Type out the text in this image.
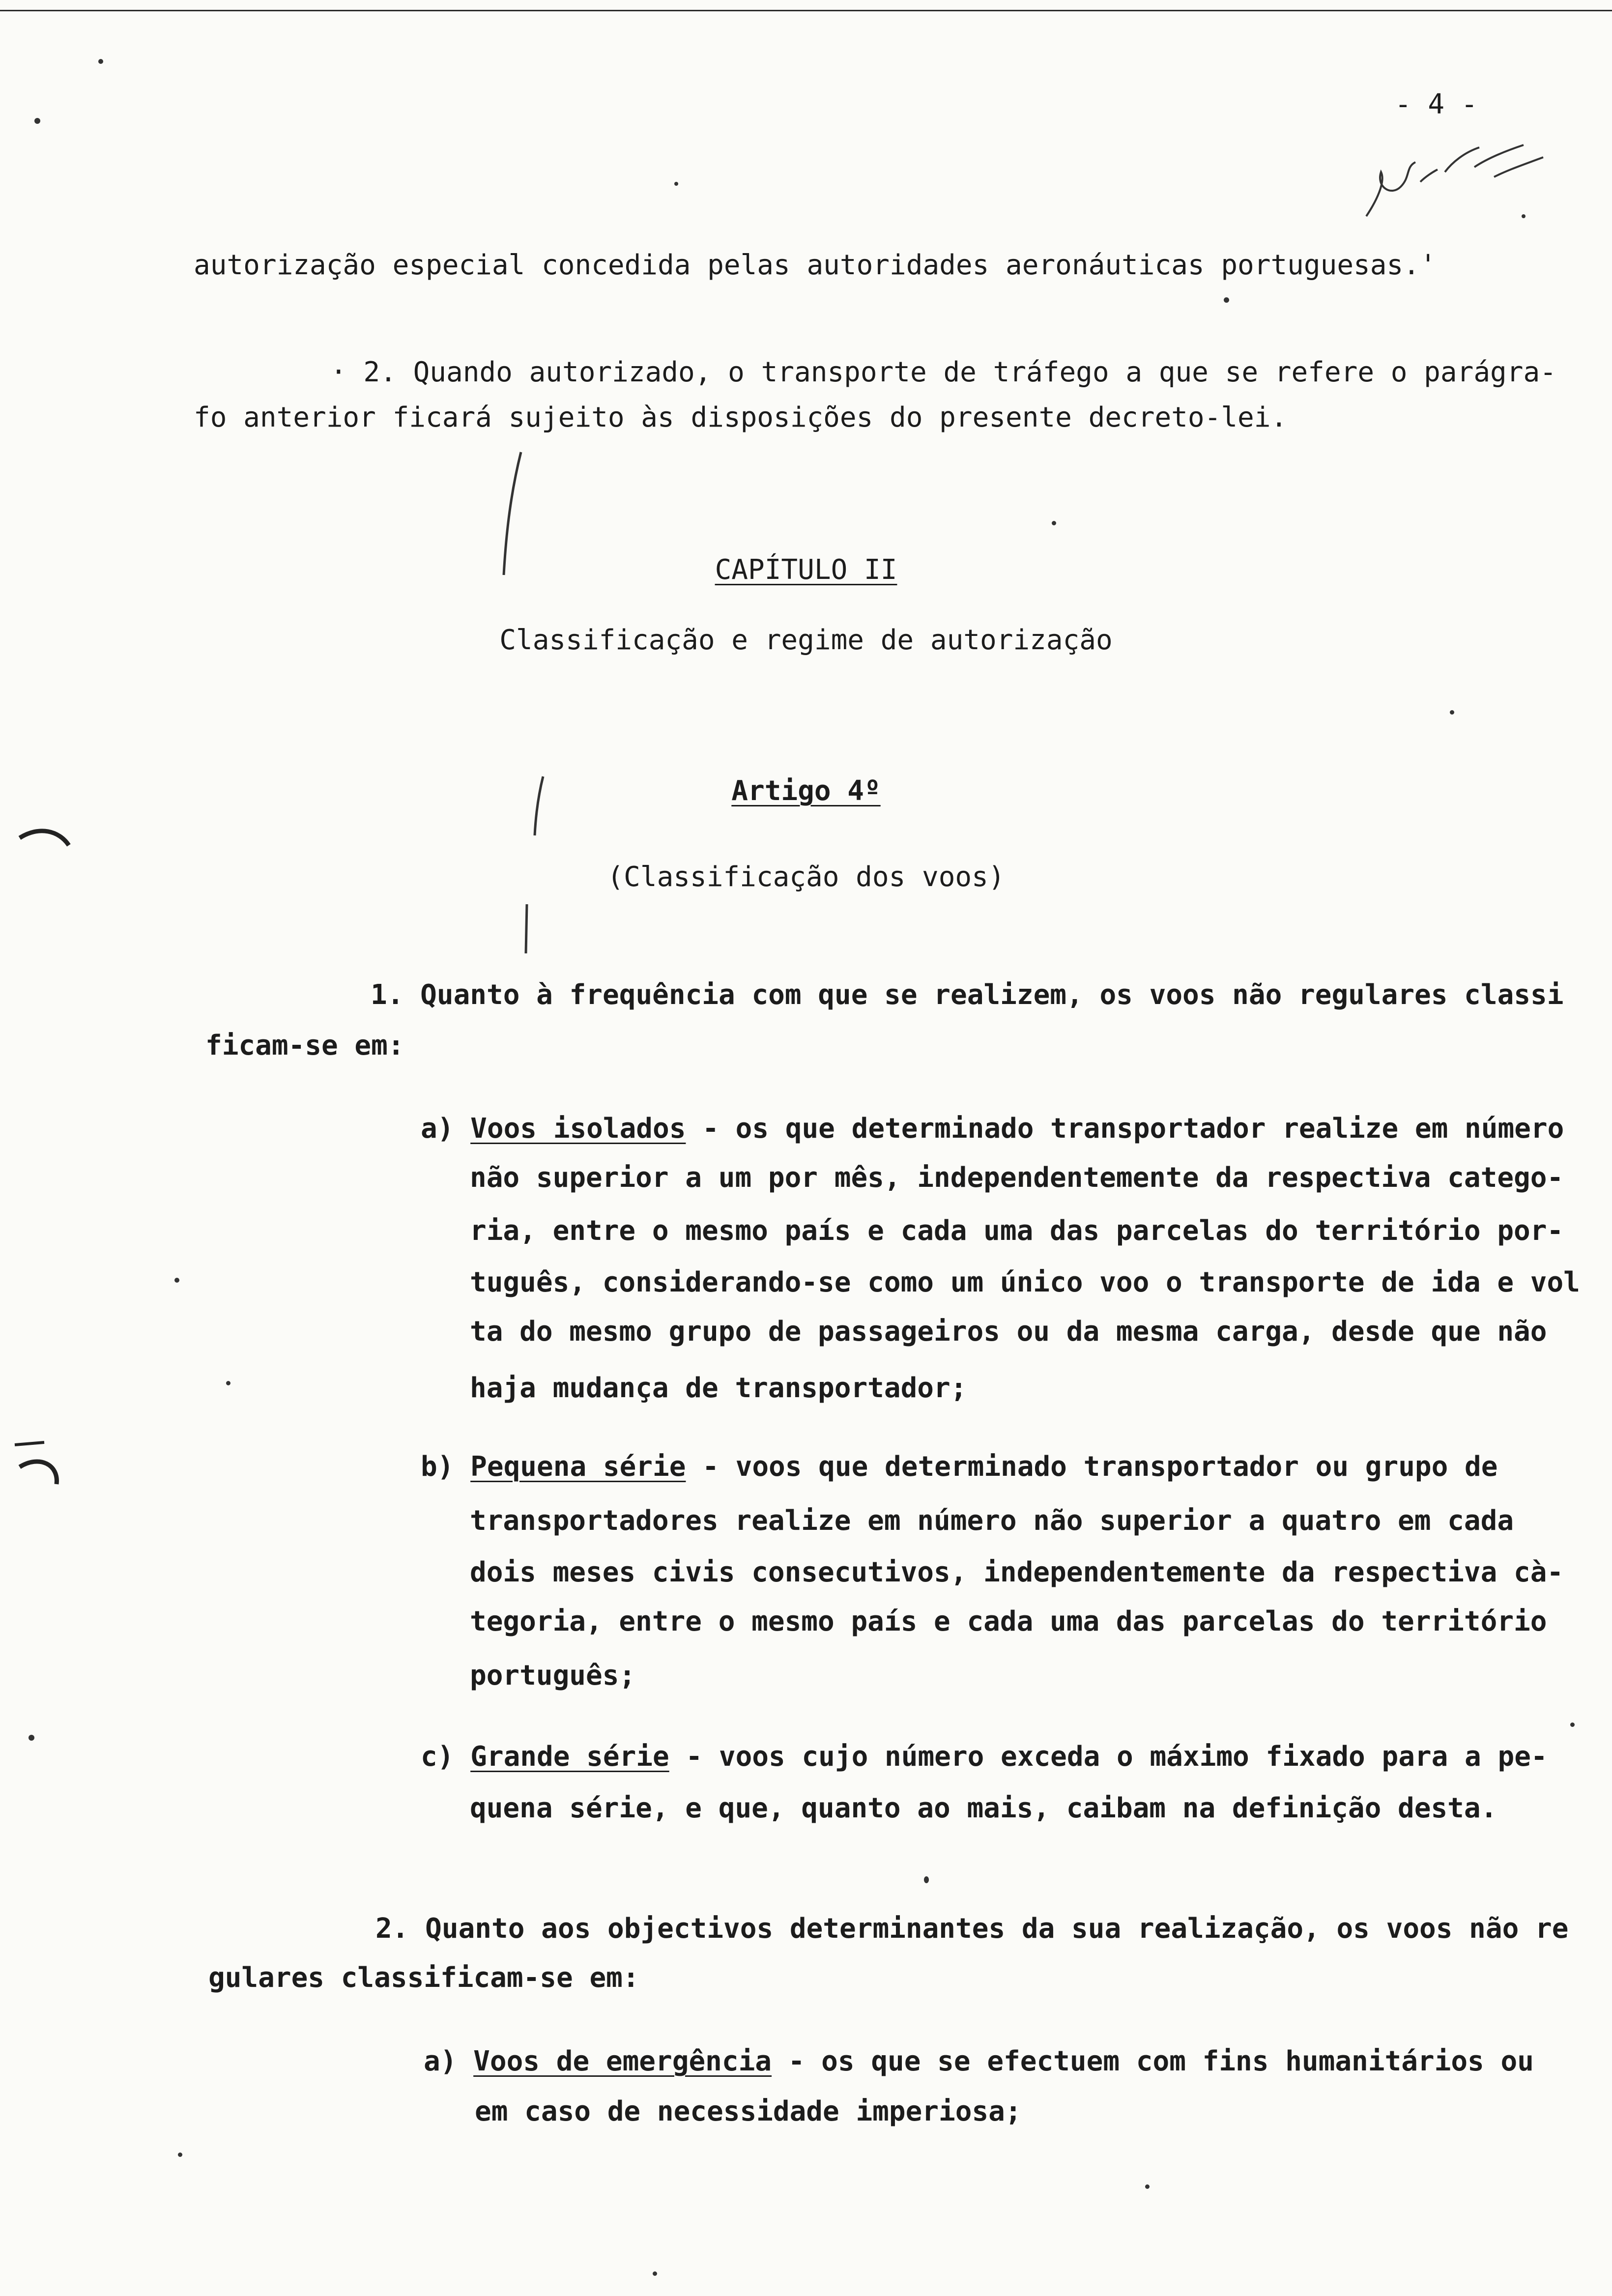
- 4 -
autorização especial concedida pelas autoridades aeronáuticas portuguesas.'
· 2. Quando autorizado, o transporte de tráfego a que se refere o parágra-
fo anterior ficará sujeito às disposições do presente decreto-lei.
CAPÍTULO II
Classificação e regime de autorização
Artigo 4º
(Classificação dos voos)
1. Quanto à frequência com que se realizem, os voos não regulares classi
ficam-se em:
a) Voos isolados - os que determinado transportador realize em número
não superior a um por mês, independentemente da respectiva catego-
ria, entre o mesmo país e cada uma das parcelas do território por-
tuguês, considerando-se como um único voo o transporte de ida e vol
ta do mesmo grupo de passageiros ou da mesma carga, desde que não
haja mudança de transportador;
b) Pequena série - voos que determinado transportador ou grupo de
transportadores realize em número não superior a quatro em cada
dois meses civis consecutivos, independentemente da respectiva cà-
tegoria, entre o mesmo país e cada uma das parcelas do território
português;
c) Grande série - voos cujo número exceda o máximo fixado para a pe-
quena série, e que, quanto ao mais, caibam na definição desta.
2. Quanto aos objectivos determinantes da sua realização, os voos não re
gulares classificam-se em:
a) Voos de emergência - os que se efectuem com fins humanitários ou
em caso de necessidade imperiosa;
